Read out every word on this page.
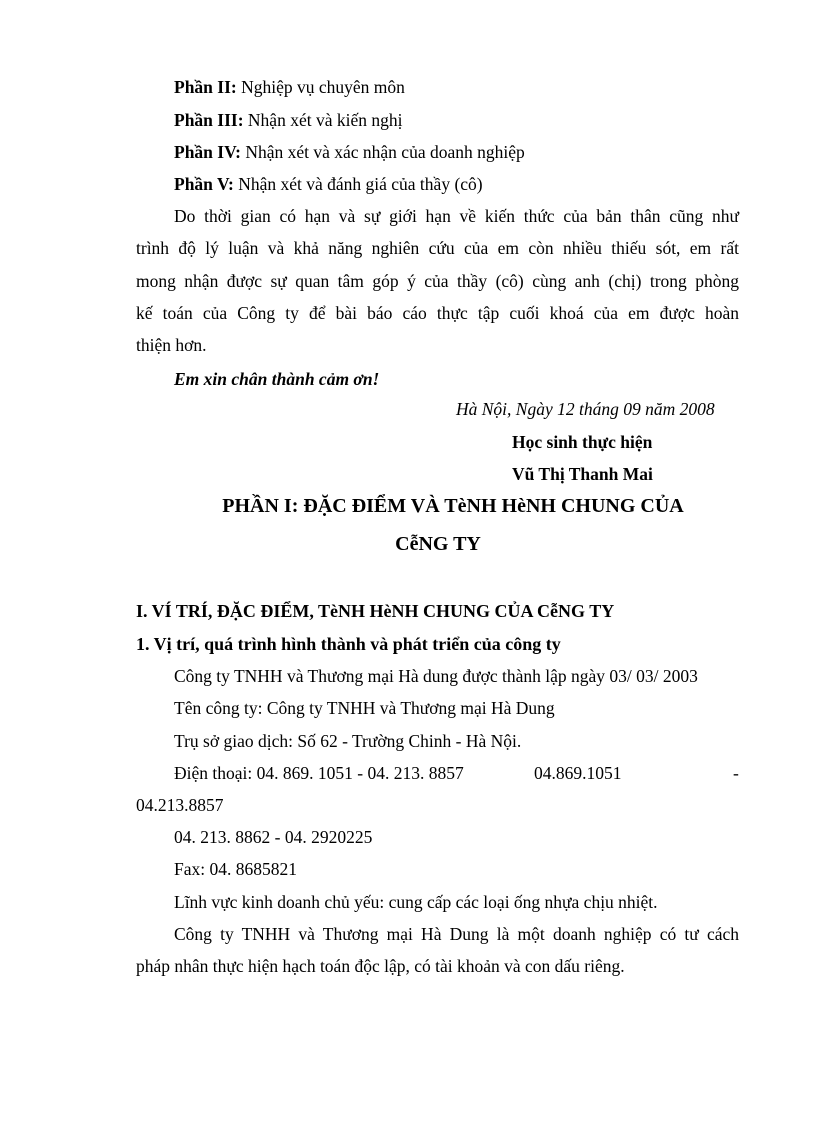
Phần II: Nghiệp vụ chuyên môn
Phần III: Nhận xét và kiến nghị
Phần IV: Nhận xét và xác nhận của doanh nghiệp
Phần V: Nhận xét và đánh giá của thầy (cô)
Do thời gian có hạn và sự giới hạn về kiến thức của bản thân cũng như
trình độ lý luận và khả năng nghiên cứu của em còn nhiều thiếu sót, em rất
mong nhận được sự quan tâm góp ý của thầy (cô) cùng anh (chị) trong phòng
kế toán của Công ty để bài báo cáo thực tập cuối khoá của em được hoàn
thiện hơn.
Em xin chân thành cảm ơn!
Hà Nội, Ngày 12 tháng 09 năm 2008
Học sinh thực hiện
Vũ Thị Thanh Mai
PHẦN I: ĐẶC ĐIỂM VÀ TèNH HèNH CHUNG CỦA
CễNG TY
I. VÍ TRÍ, ĐẶC ĐIỂM, TèNH HèNH CHUNG CỦA CễNG TY
1. Vị trí, quá trình hình thành và phát triển của công ty
Công ty TNHH và Thương mại Hà dung được thành lập ngày 03/ 03/ 2003
Tên công ty: Công ty TNHH và Thương mại Hà Dung
Trụ sở giao dịch: Số 62 - Trường Chinh - Hà Nội.
Điện thoại: 04. 869. 1051 - 04. 213. 8857	04.869.1051	-
04.213.8857
04. 213. 8862 - 04. 2920225
Fax: 04. 8685821
Lĩnh vực kinh doanh chủ yếu: cung cấp các loại ống nhựa chịu nhiệt.
Công ty TNHH và Thương mại Hà Dung là một doanh nghiệp có tư cách
pháp nhân thực hiện hạch toán độc lập, có tài khoản và con dấu riêng.
